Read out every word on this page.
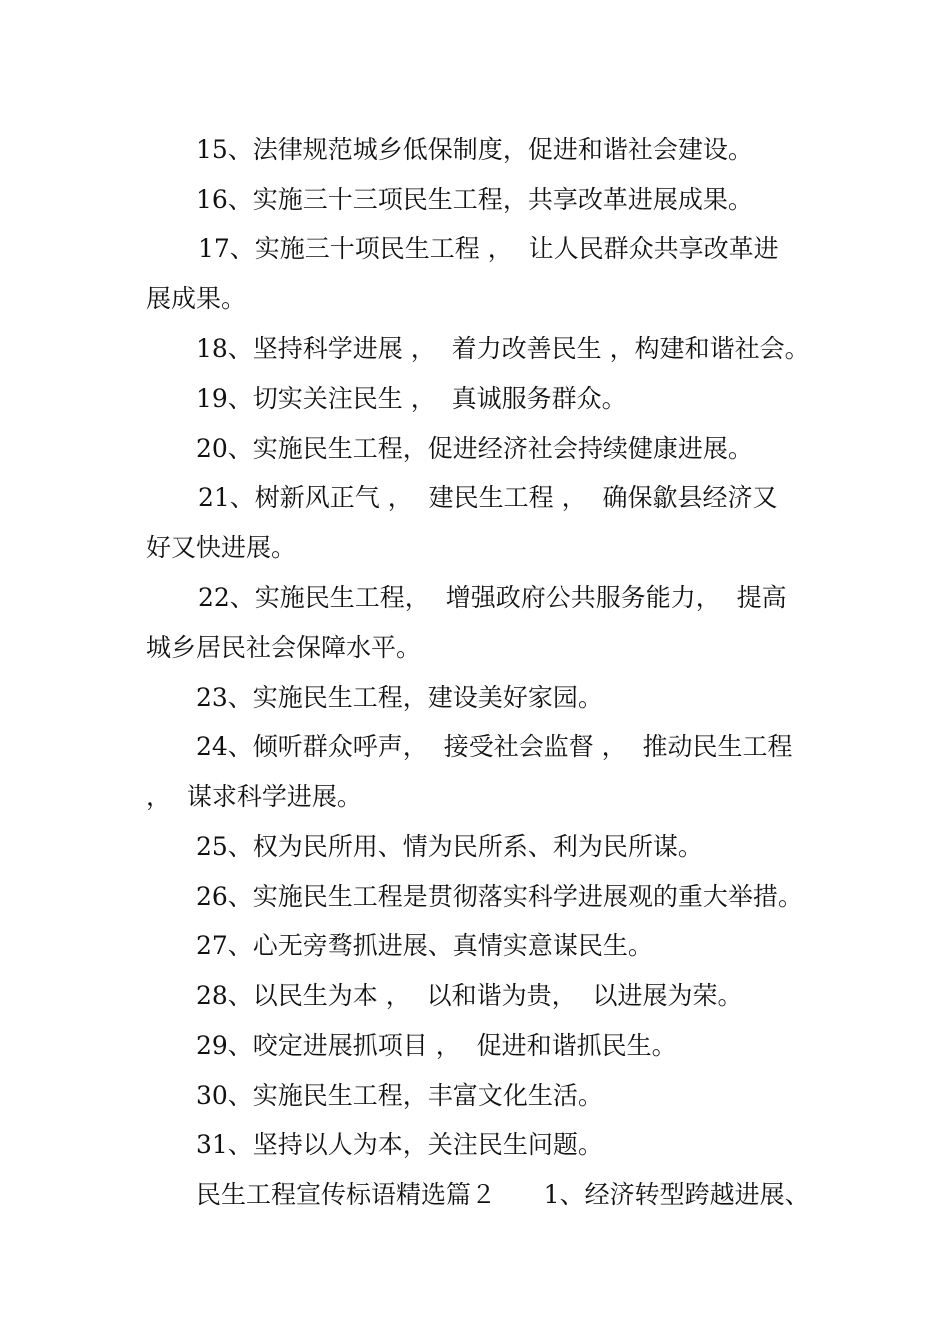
15、法律规范城乡低保制度，促进和谐社会建设。
16、实施三十三项民生工程，共享改革进展成果。
17、实施三十项民生工程 ，  让人民群众共享改革进
展成果。
18、坚持科学进展 ，  着力改善民生 ，构建和谐社会。
19、切实关注民生 ，  真诚服务群众。
20、实施民生工程，促进经济社会持续健康进展。
21、树新风正气 ，  建民生工程 ，  确保歙县经济又
好又快进展。
22、实施民生工程，  增强政府公共服务能力，  提高
城乡居民社会保障水平。
23、实施民生工程，建设美好家园。
24、倾听群众呼声，  接受社会监督 ，  推动民生工程
，  谋求科学进展。
25、权为民所用、情为民所系、利为民所谋。
26、实施民生工程是贯彻落实科学进展观的重大举措。
27、心无旁骛抓进展、真情实意谋民生。
28、以民生为本 ，  以和谐为贵，  以进展为荣。
29、咬定进展抓项目 ，  促进和谐抓民生。
30、实施民生工程，丰富文化生活。
31、坚持以人为本，关注民生问题。
民生工程宣传标语精选篇２      1、经济转型跨越进展、
